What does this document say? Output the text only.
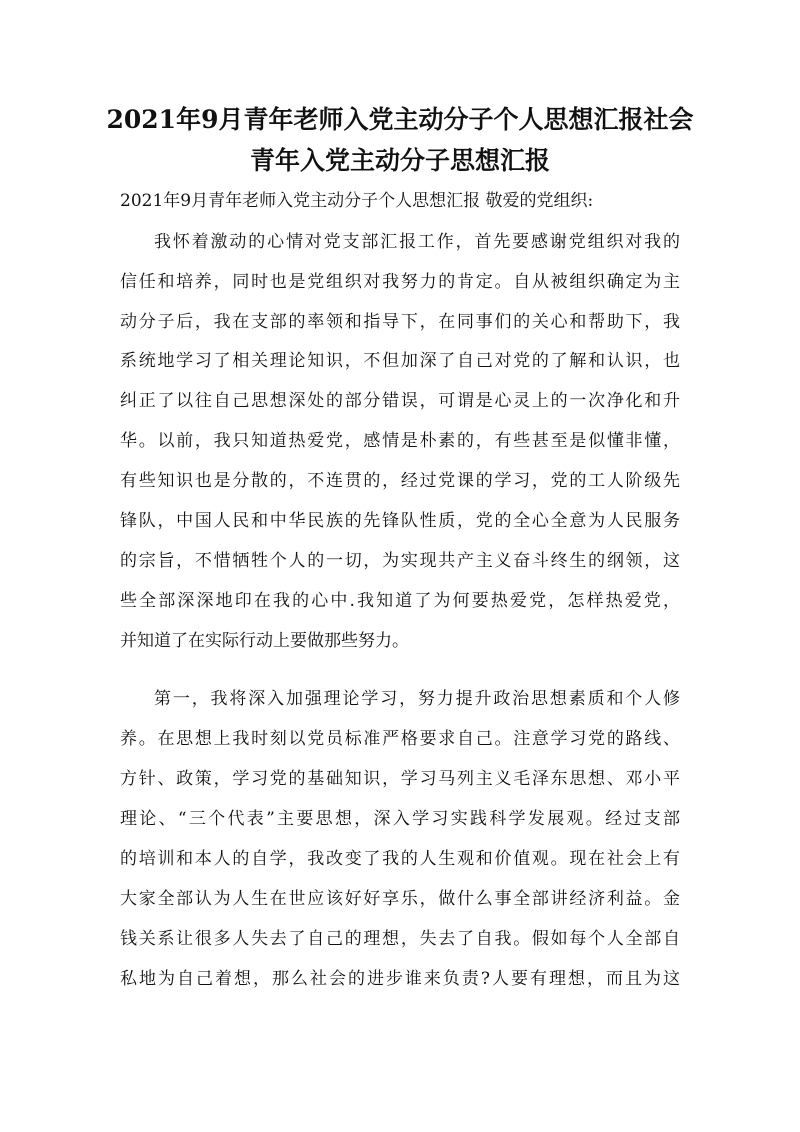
2021年9月青年老师入党主动分子个人思想汇报社会
青年入党主动分子思想汇报

2021年9月青年老师入党主动分子个人思想汇报 敬爱的党组织:

我怀着激动的心情对党支部汇报工作，首先要感谢党组织对我的

信任和培养，同时也是党组织对我努力的肯定。自从被组织确定为主

动分子后，我在支部的率领和指导下，在同事们的关心和帮助下，我

系统地学习了相关理论知识，不但加深了自己对党的了解和认识，也

纠正了以往自己思想深处的部分错误，可谓是心灵上的一次净化和升

华。以前，我只知道热爱党，感情是朴素的，有些甚至是似懂非懂，

有些知识也是分散的，不连贯的，经过党课的学习，党的工人阶级先

锋队，中国人民和中华民族的先锋队性质，党的全心全意为人民服务

的宗旨，不惜牺牲个人的一切，为实现共产主义奋斗终生的纲领，这

些全部深深地印在我的心中.我知道了为何要热爱党，怎样热爱党，

并知道了在实际行动上要做那些努力。

第一，我将深入加强理论学习，努力提升政治思想素质和个人修

养。在思想上我时刻以党员标准严格要求自己。注意学习党的路线、

方针、政策，学习党的基础知识，学习马列主义毛泽东思想、邓小平

理论、“三个代表”主要思想，深入学习实践科学发展观。经过支部

的培训和本人的自学，我改变了我的人生观和价值观。现在社会上有

大家全部认为人生在世应该好好享乐，做什么事全部讲经济利益。金

钱关系让很多人失去了自己的理想，失去了自我。假如每个人全部自

私地为自己着想，那么社会的进步谁来负责?人要有理想，而且为这
